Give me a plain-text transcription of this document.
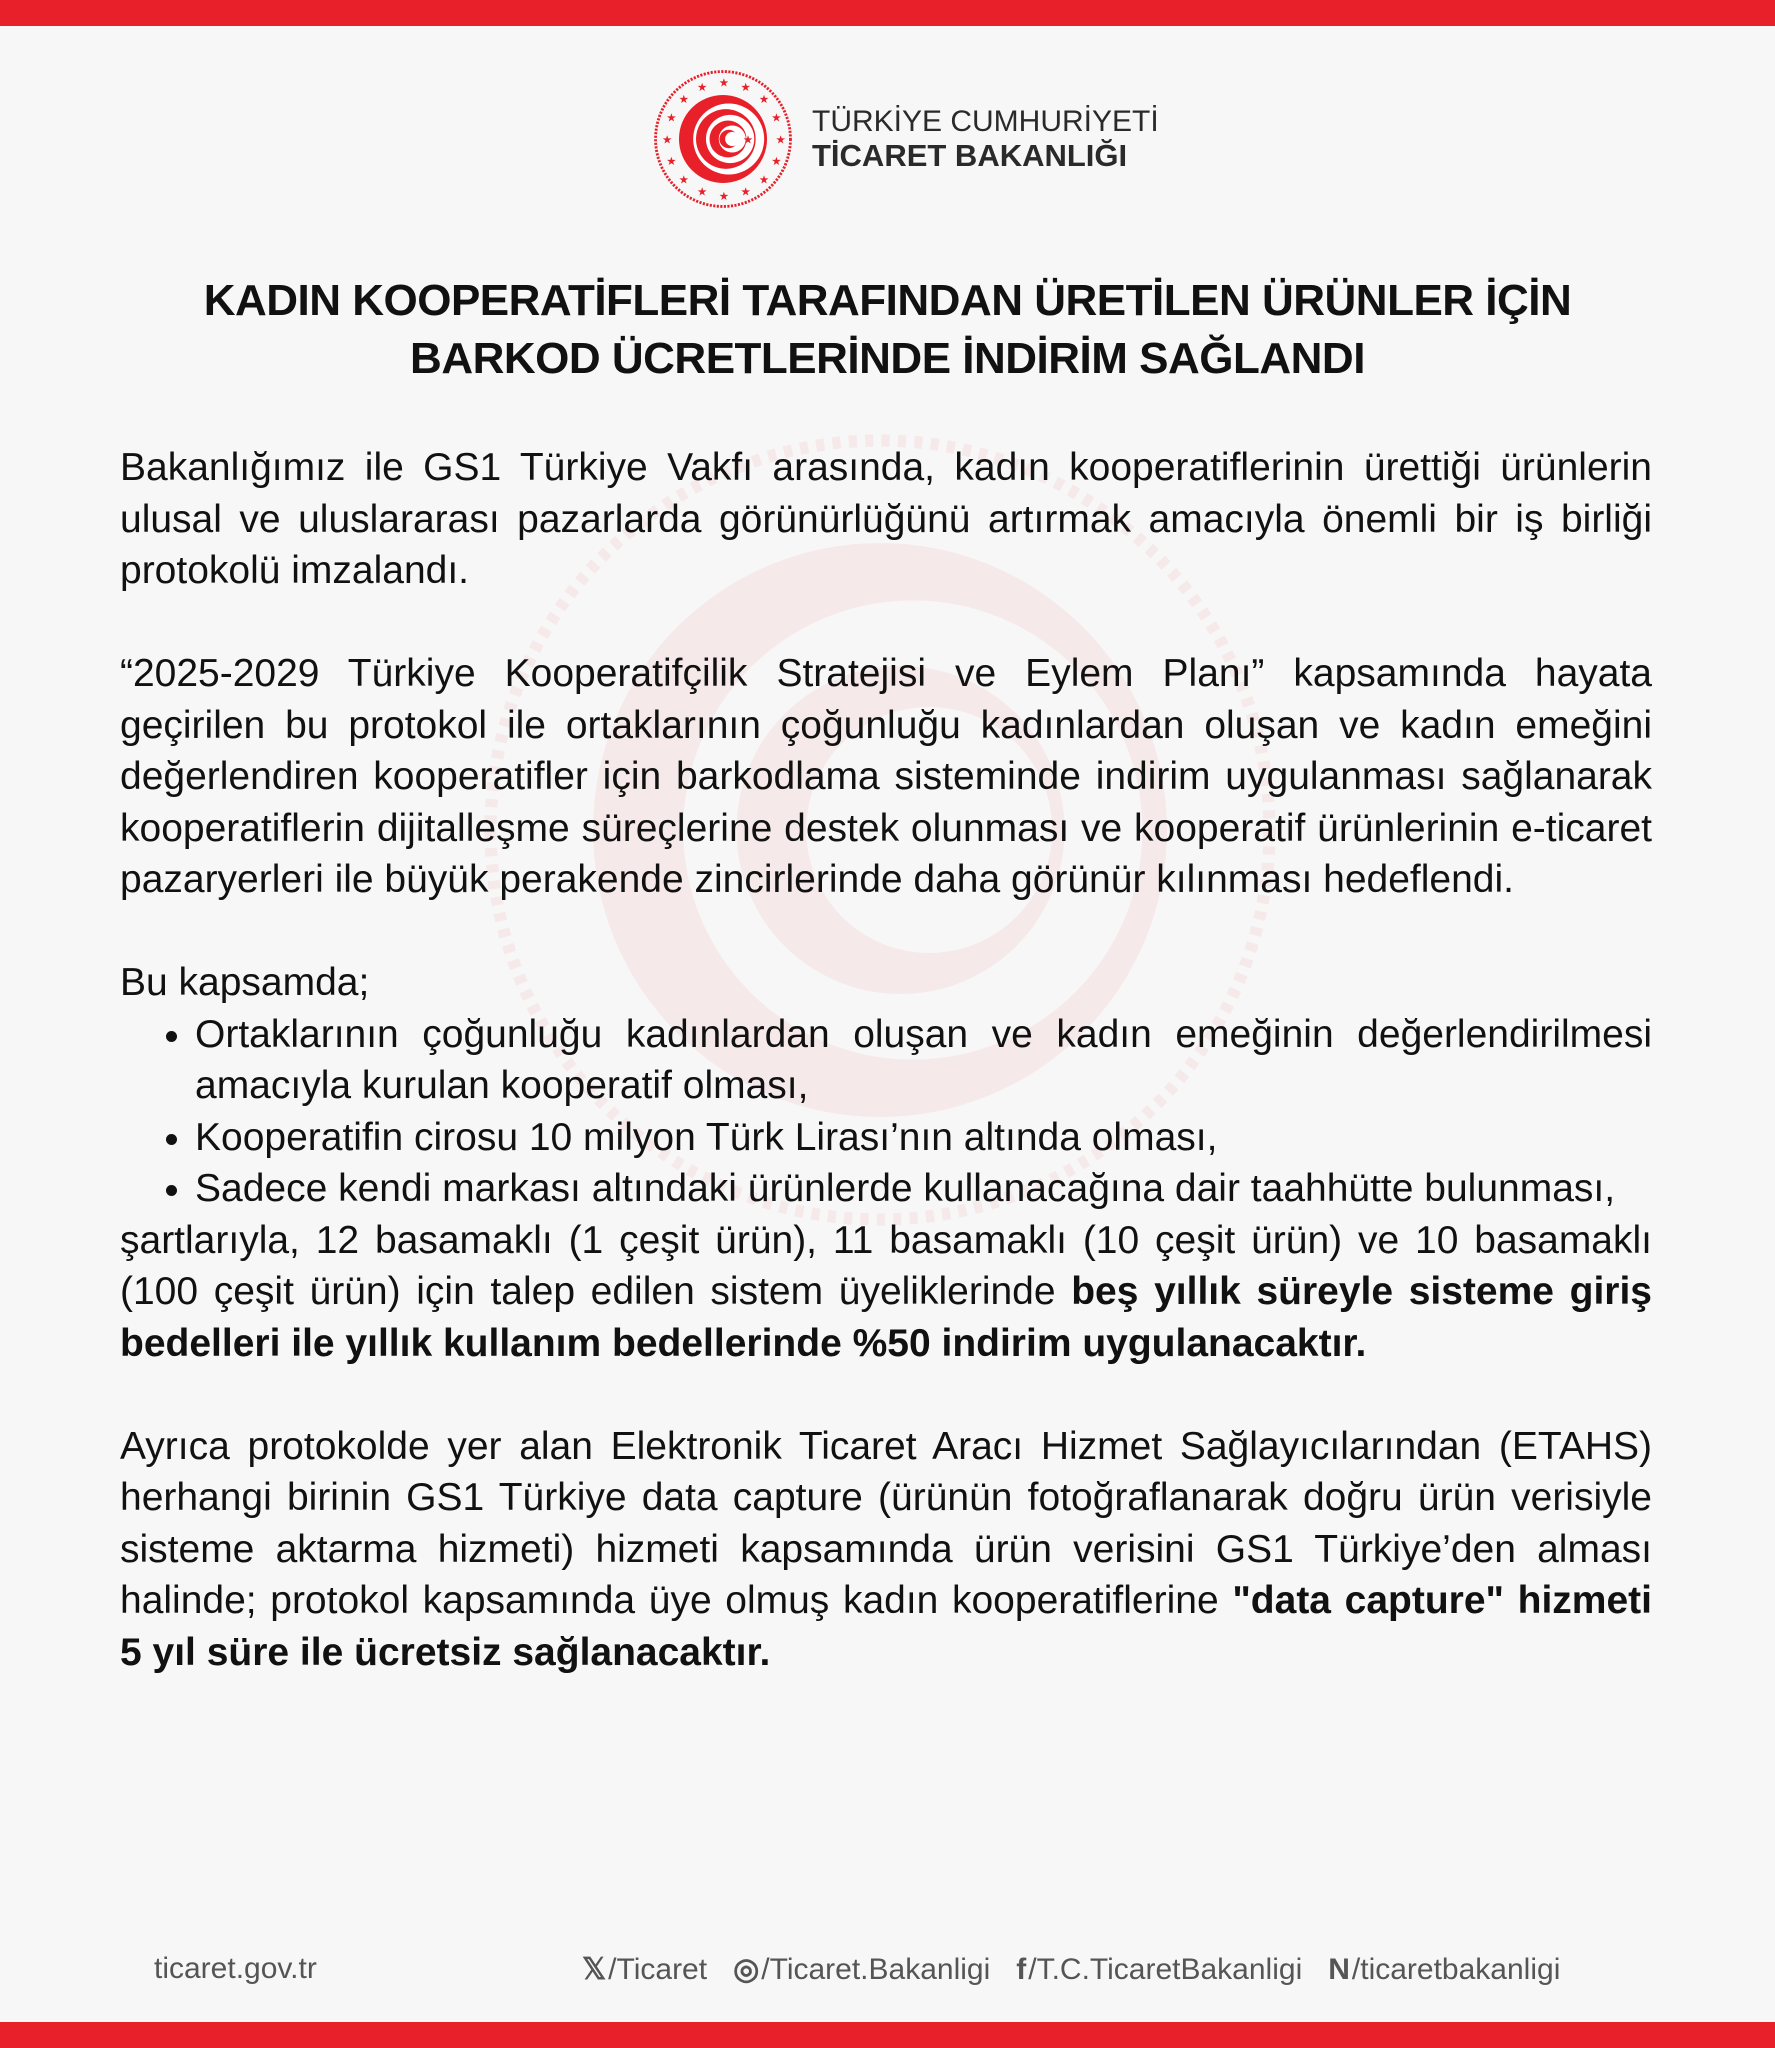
★
★
★
★
★
★
★
★
★
★
★
★ ★ ★
★
★
★
TÜRKİYE CUMHURİYETİ
TİCARET BAKANLIĞI
KADIN KOOPERATİFLERİ TARAFINDAN ÜRETİLEN ÜRÜNLER İÇİN
BARKOD ÜCRETLERİNDE İNDİRİM SAĞLANDI

Bakanlığımız ile GS1 Türkiye Vakfı arasında, kadın kooperatiflerinin ürettiği ürünlerin ulusal ve uluslararası pazarlarda görünürlüğünü artırmak amacıyla önemli bir iş birliği protokolü imzalandı.

“2025-2029 Türkiye Kooperatifçilik Stratejisi ve Eylem Planı” kapsamında hayata geçirilen bu protokol ile ortaklarının çoğunluğu kadınlardan oluşan ve kadın emeğini değerlendiren kooperatifler için barkodlama sisteminde indirim uygulanması sağlanarak kooperatiflerin dijitalleşme süreçlerine destek olunması ve kooperatif ürünlerinin e-ticaret pazaryerleri ile büyük perakende zincirlerinde daha görünür kılınması hedeflendi.

Bu kapsamda;
• Ortaklarının çoğunluğu kadınlardan oluşan ve kadın emeğinin değerlendirilmesi amacıyla kurulan kooperatif olması,
• Kooperatifin cirosu 10 milyon Türk Lirası’nın altında olması,
• Sadece kendi markası altındaki ürünlerde kullanacağına dair taahhütte bulunması,

şartlarıyla, 12 basamaklı (1 çeşit ürün), 11 basamaklı (10 çeşit ürün) ve 10 basamaklı (100 çeşit ürün) için talep edilen sistem üyeliklerinde beş yıllık süreyle sisteme giriş bedelleri ile yıllık kullanım bedellerinde %50 indirim uygulanacaktır.

Ayrıca protokolde yer alan Elektronik Ticaret Aracı Hizmet Sağlayıcılarından (ETAHS) herhangi birinin GS1 Türkiye data capture (ürünün fotoğraflanarak doğru ürün verisiyle sisteme aktarma hizmeti) hizmeti kapsamında ürün verisini GS1 Türkiye’den alması halinde; protokol kapsamında üye olmuş kadın kooperatiflerine "data capture" hizmeti 5 yıl süre ile ücretsiz sağlanacaktır.

ticaret.gov.tr	𝕏 /Ticaret ◎ /Ticaret.Bakanligi f /T.C.TicaretBakanligi N /ticaretbakanligi
